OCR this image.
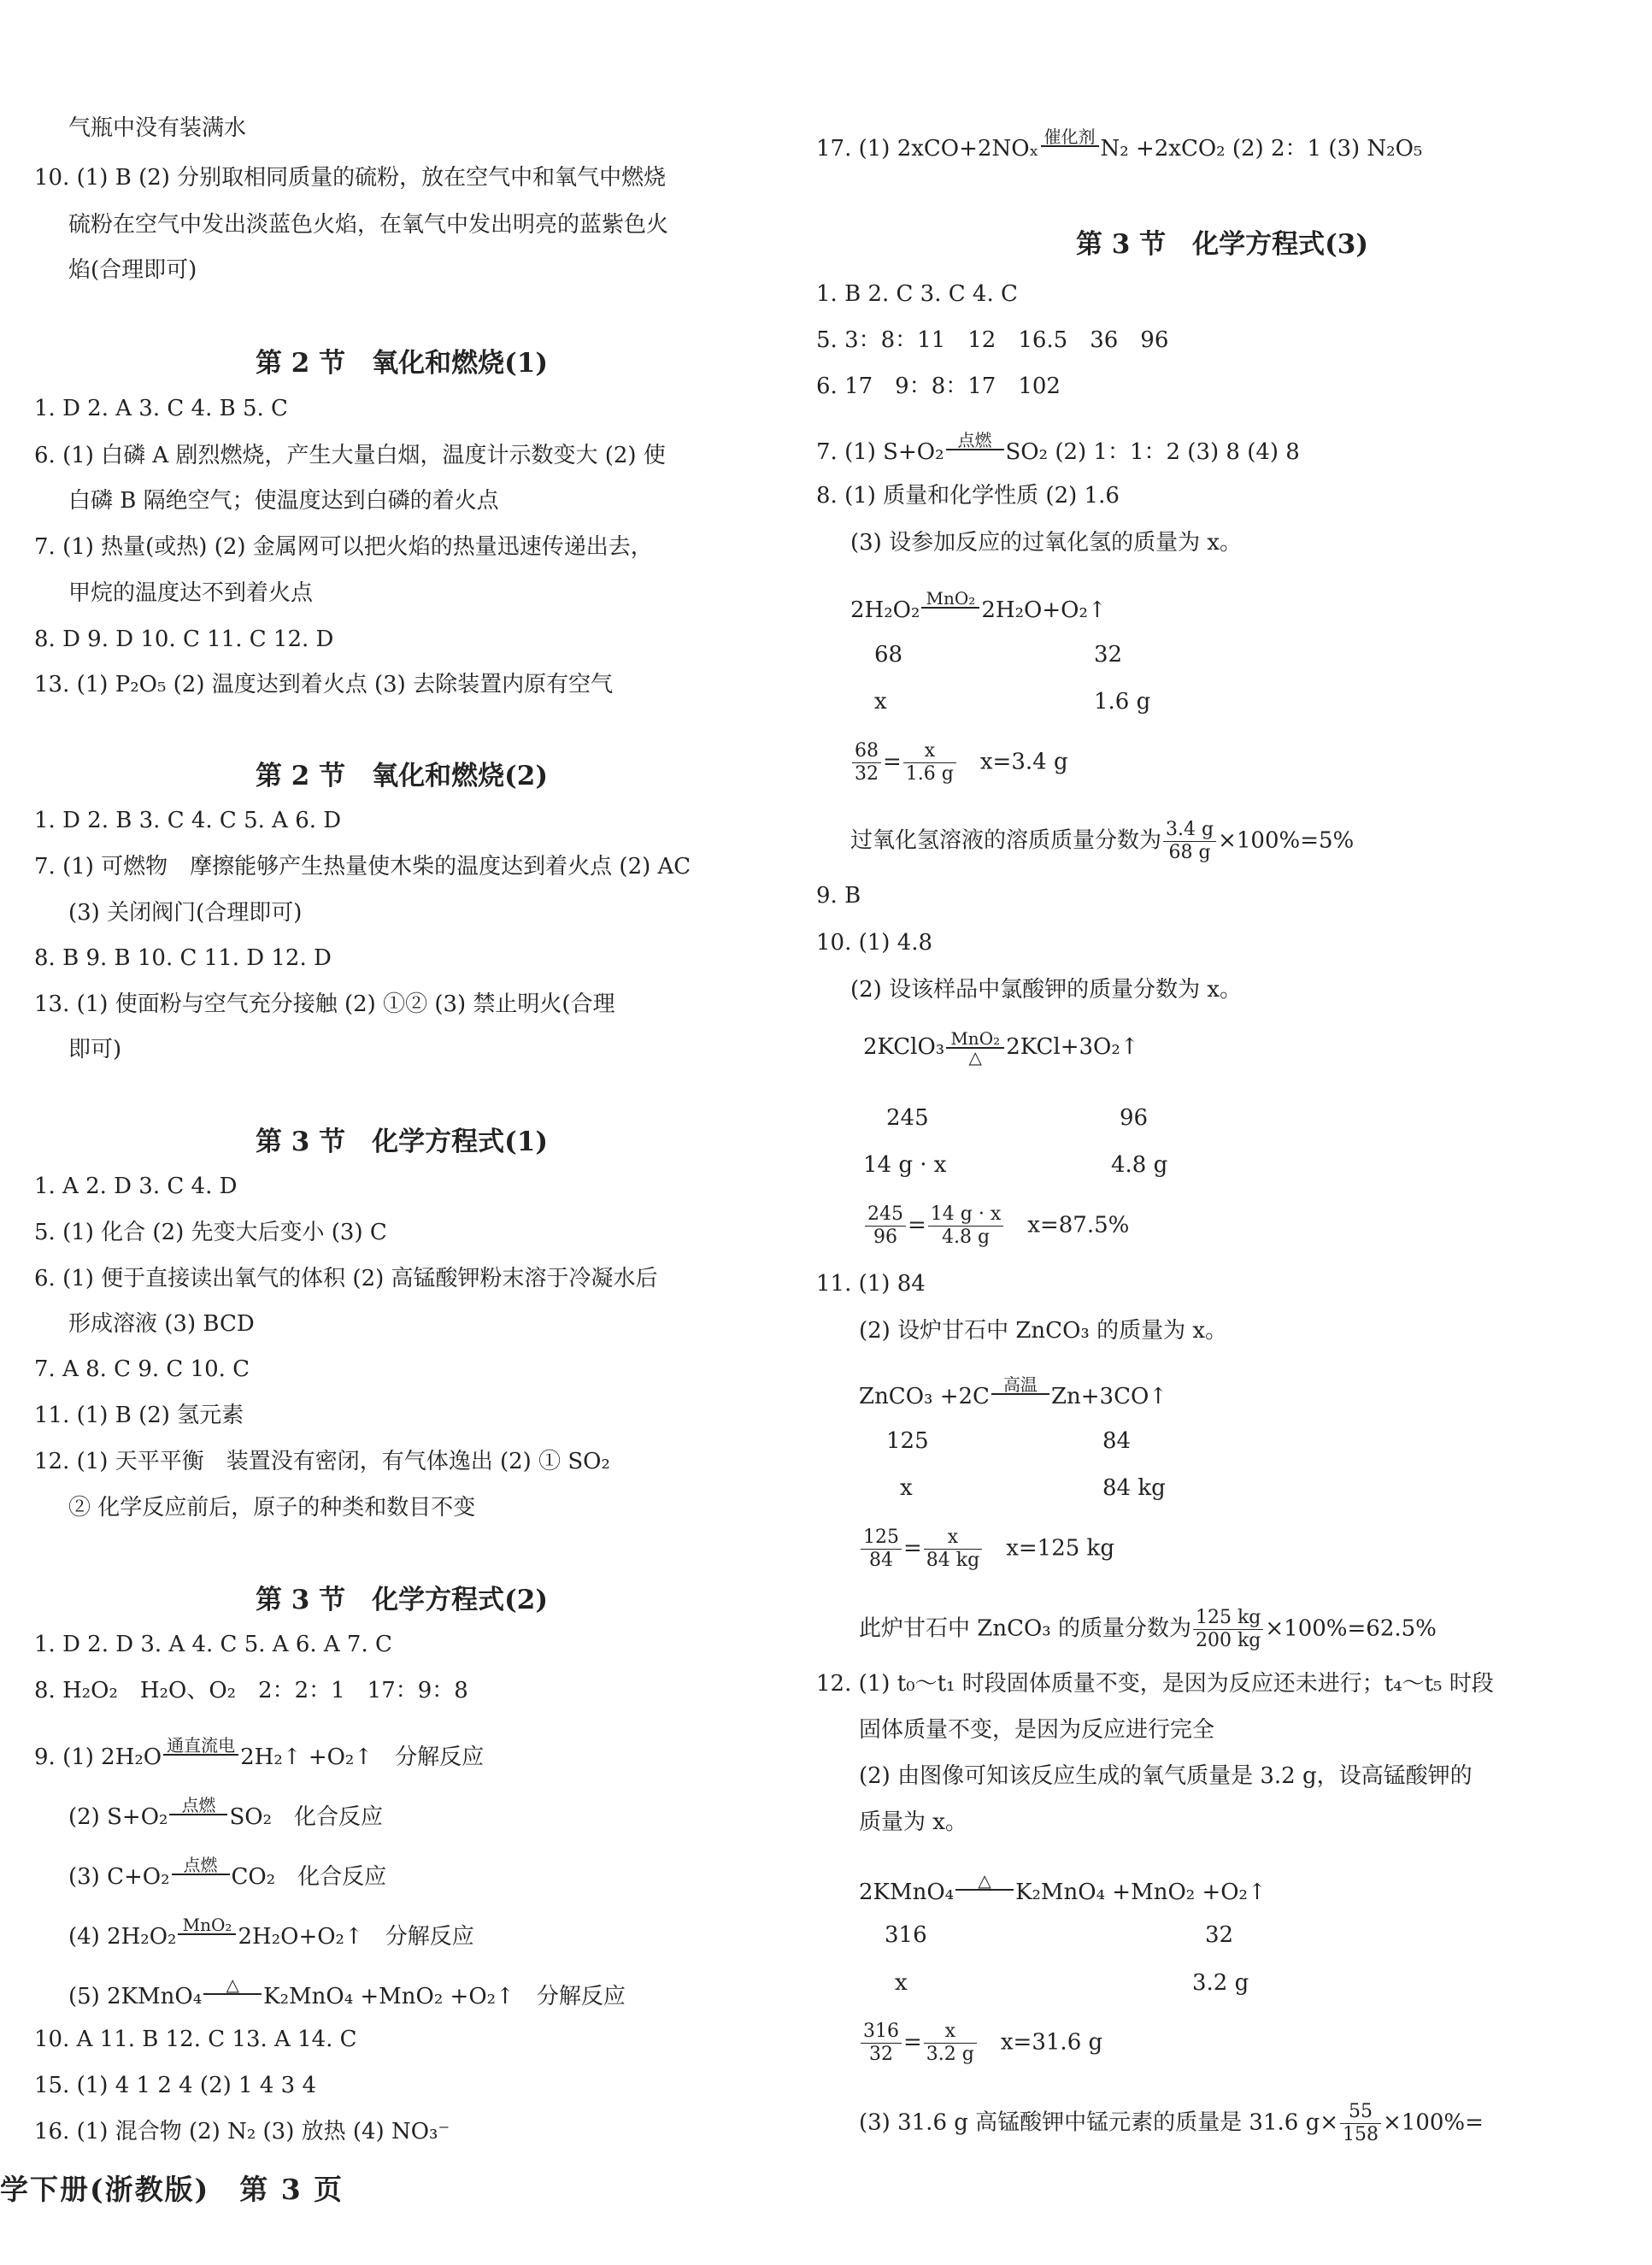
气瓶中没有装满水
10. (1) B (2) 分别取相同质量的硫粉，放在空气中和氧气中燃烧
硫粉在空气中发出淡蓝色火焰，在氧气中发出明亮的蓝紫色火
焰(合理即可)
第 2 节　氧化和燃烧(1)
1. D 2. A 3. C 4. B 5. C
6. (1) 白磷 A 剧烈燃烧，产生大量白烟，温度计示数变大 (2) 使
白磷 B 隔绝空气；使温度达到白磷的着火点
7. (1) 热量(或热) (2) 金属网可以把火焰的热量迅速传递出去，
甲烷的温度达不到着火点
8. D 9. D 10. C 11. C 12. D
13. (1) P₂O₅ (2) 温度达到着火点 (3) 去除装置内原有空气
第 2 节　氧化和燃烧(2)
1. D 2. B 3. C 4. C 5. A 6. D
7. (1) 可燃物　摩擦能够产生热量使木柴的温度达到着火点 (2) AC
(3) 关闭阀门(合理即可)
8. B 9. B 10. C 11. D 12. D
13. (1) 使面粉与空气充分接触 (2) ①② (3) 禁止明火(合理
即可)
第 3 节　化学方程式(1)
1. A 2. D 3. C 4. D
5. (1) 化合 (2) 先变大后变小 (3) C
6. (1) 便于直接读出氧气的体积 (2) 高锰酸钾粉末溶于冷凝水后
形成溶液 (3) BCD
7. A 8. C 9. C 10. C
11. (1) B (2) 氢元素
12. (1) 天平平衡　装置没有密闭，有气体逸出 (2) ① SO₂
② 化学反应前后，原子的种类和数目不变
第 3 节　化学方程式(2)
1. D 2. D 3. A 4. C 5. A 6. A 7. C
8. H₂O₂　H₂O、O₂　2：2：1　17：9：8
9. (1) 2H₂O 通直流电 2H₂↑ +O₂↑　分解反应
(2) S+O₂ 点燃 SO₂　化合反应
(3) C+O₂ 点燃 CO₂　化合反应
(4) 2H₂O₂ MnO₂ 2H₂O+O₂↑　分解反应
(5) 2KMnO₄	△	K₂MnO₄ +MnO₂ +O₂↑　分解反应
10. A 11. B 12. C 13. A 14. C
15. (1) 4 1 2 4 (2) 1 4 3 4
16. (1) 混合物 (2) N₂ (3) 放热 (4) NO₃⁻
学下册(浙教版)　第 3 页
17. (1) 2xCO+2NOₓ 催化剂 N₂ +2xCO₂ (2) 2：1 (3) N₂O₅
第 3 节　化学方程式(3)
1. B 2. C 3. C 4. C
5. 3：8：11　12　16.5　36　96
6. 17　9：8：17　102
7. (1) S+O₂ 点燃 SO₂ (2) 1：1：2 (3) 8 (4) 8
8. (1) 质量和化学性质 (2) 1.6
(3) 设参加反应的过氧化氢的质量为 x。
2H₂O₂ MnO₂ 2H₂O+O₂↑
68	32
x	1.6 g
$\frac{68}{32} = \frac{x}{1.6 g}$
　 x=3.4 g
过氧化氢溶液的溶质质量分数为 $\frac{3.4 g}{68 g} \times 100\%=5\%$
9. B
10. (1) 4.8
(2) 设该样品中氯酸钾的质量分数为 x。
2KClO₃ MnO₂
△	2KCl+3O₂↑
245	96
14 g · x	4.8 g
$\frac{245}{96} = \frac{14 g \cdot x}{4.8 g}$
　 x=87.5%
11. (1) 84
(2) 设炉甘石中 ZnCO₃ 的质量为 x。
ZnCO₃ +2C 高温 Zn+3CO↑
125	84
x	84 kg
$\frac{125}{84} = \frac{x}{84 kg}$
　 x=125 kg
此炉甘石中 ZnCO₃ 的质量分数为 $\frac{125 kg}{200 kg} \times 100\%=62.5\%$
12. (1) t₀～t₁ 时段固体质量不变，是因为反应还未进行；t₄～t₅ 时段
固体质量不变，是因为反应进行完全
(2) 由图像可知该反应生成的氧气质量是 3.2 g，设高锰酸钾的
质量为 x。
2KMnO₄	△	K₂MnO₄ +MnO₂ +O₂↑
316	32
x	3.2 g
$\frac{316}{32} = \frac{x}{3.2 g}$
　 x=31.6 g
(3) 31.6 g 高锰酸钾中锰元素的质量是 31.6 $g\times \frac{55}{158} \times 100\%=$
